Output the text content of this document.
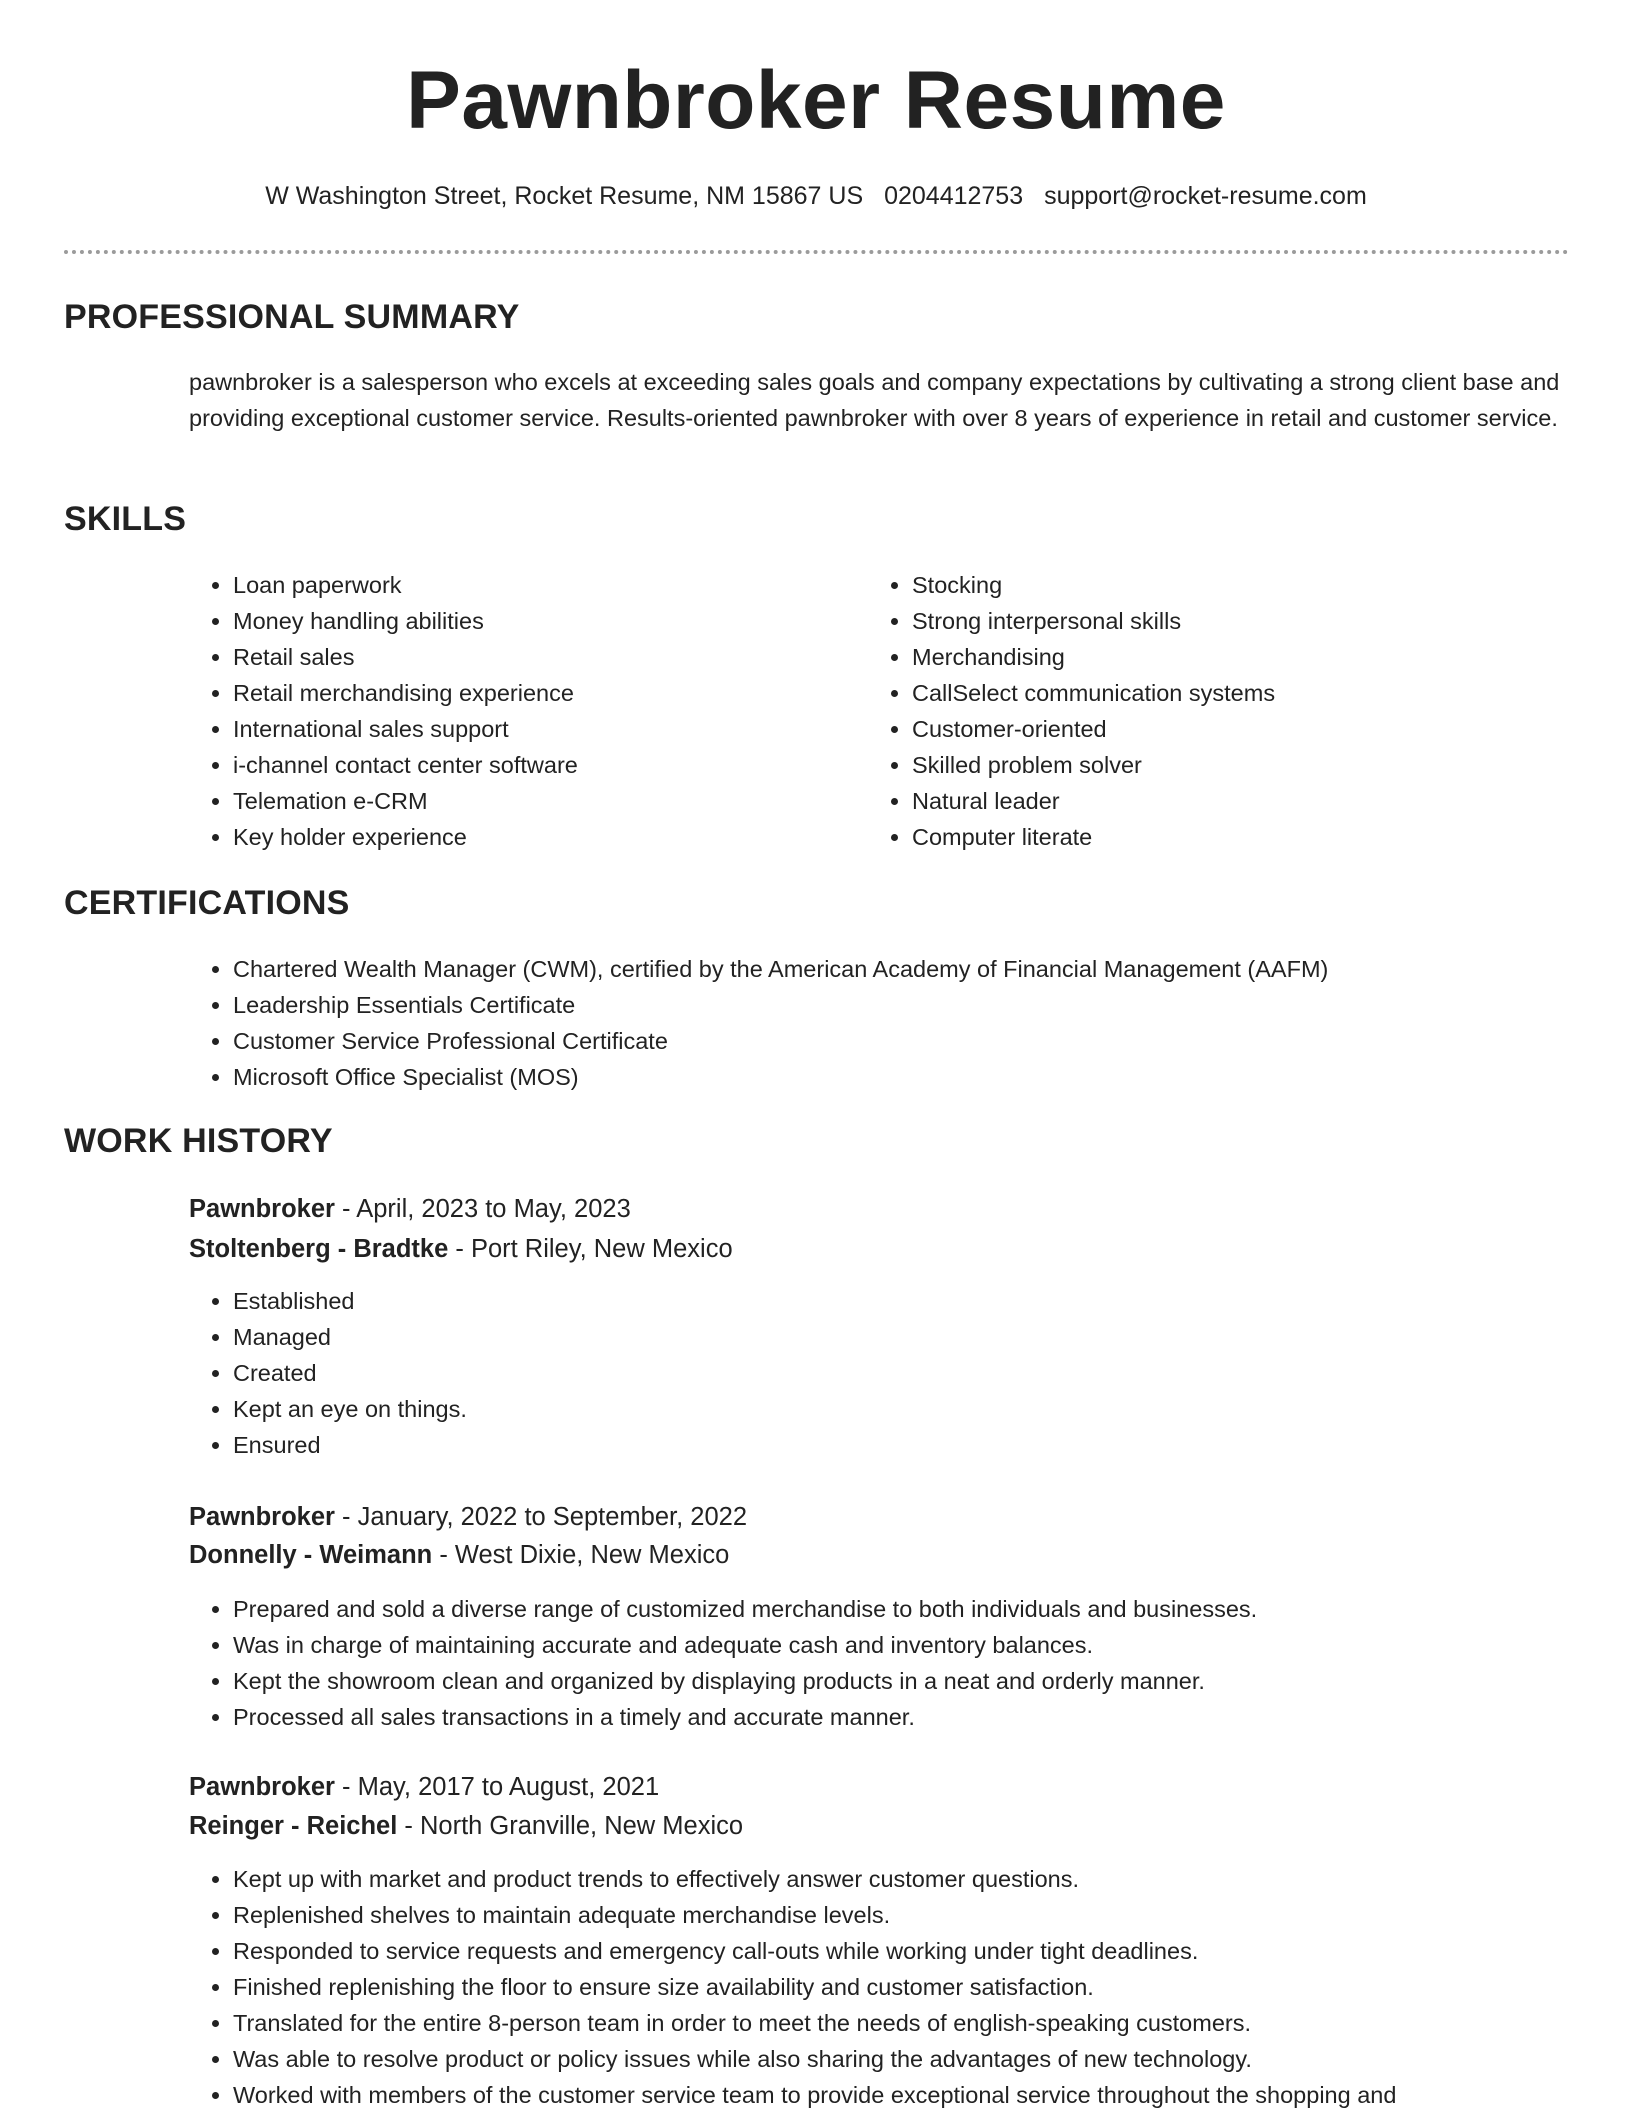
Pawnbroker Resume
W Washington Street, Rocket Resume, NM 15867 US 0204412753 support@rocket-resume.com
PROFESSIONAL SUMMARY

pawnbroker is a salesperson who excels at exceeding sales goals and company expectations by cultivating a strong client base and providing exceptional customer service. Results-oriented pawnbroker with over 8 years of experience in retail and customer service.

SKILLS
• Loan paperwork
• Money handling abilities
• Retail sales
• Retail merchandising experience
• International sales support
• i-channel contact center software
• Telemation e-CRM
• Key holder experience
• Stocking
• Strong interpersonal skills
• Merchandising
• CallSelect communication systems
• Customer-oriented
• Skilled problem solver
• Natural leader
• Computer literate
CERTIFICATIONS
• Chartered Wealth Manager (CWM), certified by the American Academy of Financial Management (AAFM)
• Leadership Essentials Certificate
• Customer Service Professional Certificate
• Microsoft Office Specialist (MOS)
WORK HISTORY
Pawnbroker - April, 2023 to May, 2023
Stoltenberg - Bradtke - Port Riley, New Mexico
• Established
• Managed
• Created
• Kept an eye on things.
• Ensured
Pawnbroker - January, 2022 to September, 2022
Donnelly - Weimann - West Dixie, New Mexico
• Prepared and sold a diverse range of customized merchandise to both individuals and businesses.
• Was in charge of maintaining accurate and adequate cash and inventory balances.
• Kept the showroom clean and organized by displaying products in a neat and orderly manner.
• Processed all sales transactions in a timely and accurate manner.
Pawnbroker - May, 2017 to August, 2021
Reinger - Reichel - North Granville, New Mexico
• Kept up with market and product trends to effectively answer customer questions.
• Replenished shelves to maintain adequate merchandise levels.
• Responded to service requests and emergency call-outs while working under tight deadlines.
• Finished replenishing the floor to ensure size availability and customer satisfaction.
• Translated for the entire 8-person team in order to meet the needs of english-speaking customers.
• Was able to resolve product or policy issues while also sharing the advantages of new technology.
• Worked with members of the customer service team to provide exceptional service throughout the shopping and
